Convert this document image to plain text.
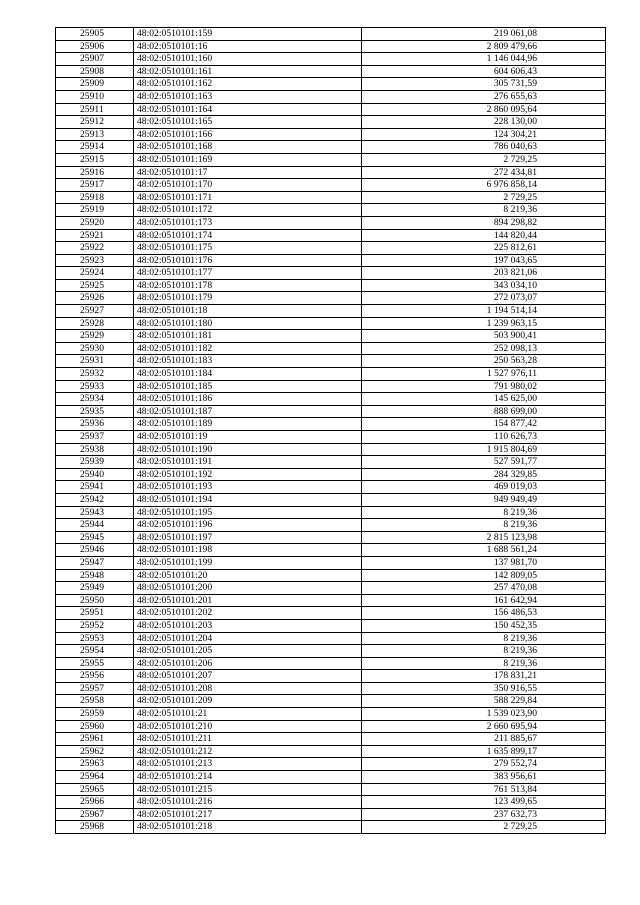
25905	48:02:0510101:159	219 061,08
25906	48:02:0510101:16	2 809 479,66
25907	48:02:0510101:160	1 146 044,96
25908	48:02:0510101:161	604 606,43
25909	48:02:0510101:162	305 731,59
25910	48:02:0510101:163	276 655,63
25911	48:02:0510101:164	2 860 095,64
25912	48:02:0510101:165	228 130,00
25913	48:02:0510101:166	124 304,21
25914	48:02:0510101:168	786 040,63
25915	48:02:0510101:169	2 729,25
25916	48:02:0510101:17	272 434,81
25917	48:02:0510101:170	6 976 858,14
25918	48:02:0510101:171	2 729,25
25919	48:02:0510101:172	8 219,36
25920	48:02:0510101:173	894 298,82
25921	48:02:0510101:174	144 820,44
25922	48:02:0510101:175	225 812,61
25923	48:02:0510101:176	197 043,65
25924	48:02:0510101:177	203 821,06
25925	48:02:0510101:178	343 034,10
25926	48:02:0510101:179	272 073,07
25927	48:02:0510101:18	1 194 514,14
25928	48:02:0510101:180	1 239 963,15
25929	48:02:0510101:181	503 900,41
25930	48:02:0510101:182	252 098,13
25931	48:02:0510101:183	250 563,28
25932	48:02:0510101:184	1 527 976,11
25933	48:02:0510101:185	791 980,02
25934	48:02:0510101:186	145 625,00
25935	48:02:0510101:187	888 699,00
25936	48:02:0510101:189	154 877,42
25937	48:02:0510101:19	110 626,73
25938	48:02:0510101:190	1 915 804,69
25939	48:02:0510101:191	527 591,77
25940	48:02:0510101:192	284 329,85
25941	48:02:0510101:193	469 019,03
25942	48:02:0510101:194	949 949,49
25943	48:02:0510101:195	8 219,36
25944	48:02:0510101:196	8 219,36
25945	48:02:0510101:197	2 815 123,98
25946	48:02:0510101:198	1 688 561,24
25947	48:02:0510101:199	137 981,70
25948	48:02:0510101:20	142 809,05
25949	48:02:0510101:200	257 470,08
25950	48:02:0510101:201	161 642,94
25951	48:02:0510101:202	156 486,53
25952	48:02:0510101:203	150 452,35
25953	48:02:0510101:204	8 219,36
25954	48:02:0510101:205	8 219,36
25955	48:02:0510101:206	8 219,36
25956	48:02:0510101:207	178 831,21
25957	48:02:0510101:208	350 916,55
25958	48:02:0510101:209	588 229,84
25959	48:02:0510101:21	1 539 023,90
25960	48:02:0510101:210	2 660 695,94
25961	48:02:0510101:211	211 885,67
25962	48:02:0510101:212	1 635 899,17
25963	48:02:0510101:213	279 552,74
25964	48:02:0510101:214	383 956,61
25965	48:02:0510101:215	761 513,84
25966	48:02:0510101:216	123 499,65
25967	48:02:0510101:217	237 632,73
25968	48:02:0510101:218	2 729,25
